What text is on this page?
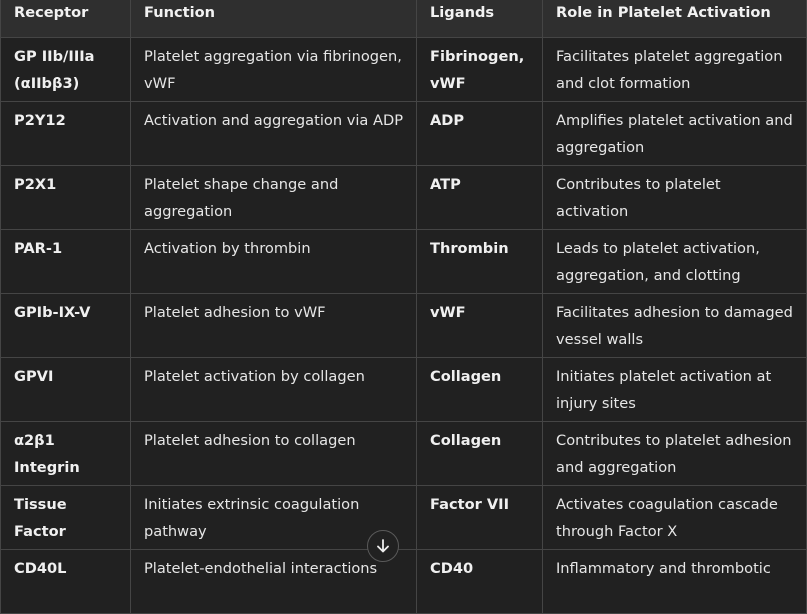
Receptor	Function	Ligands	Role in Platelet Activation
GP IIb/IIIa (αIIbβ3)	Platelet aggregation via fibrinogen, vWF	Fibrinogen, vWF	Facilitates platelet aggregation and clot formation
P2Y12	Activation and aggregation via ADP	ADP	Amplifies platelet activation and aggregation
P2X1	Platelet shape change and aggregation	ATP	Contributes to platelet activation
PAR-1	Activation by thrombin	Thrombin	Leads to platelet activation, aggregation, and clotting
GPIb-IX-V	Platelet adhesion to vWF	vWF	Facilitates adhesion to damaged vessel walls
GPVI	Platelet activation by collagen	Collagen	Initiates platelet activation at injury sites
α2β1 Integrin	Platelet adhesion to collagen	Collagen	Contributes to platelet adhesion and aggregation
Tissue Factor	Initiates extrinsic coagulation pathway	Factor VII	Activates coagulation cascade through Factor X
CD40L	Platelet-endothelial interactions	CD40	Inflammatory and thrombotic
